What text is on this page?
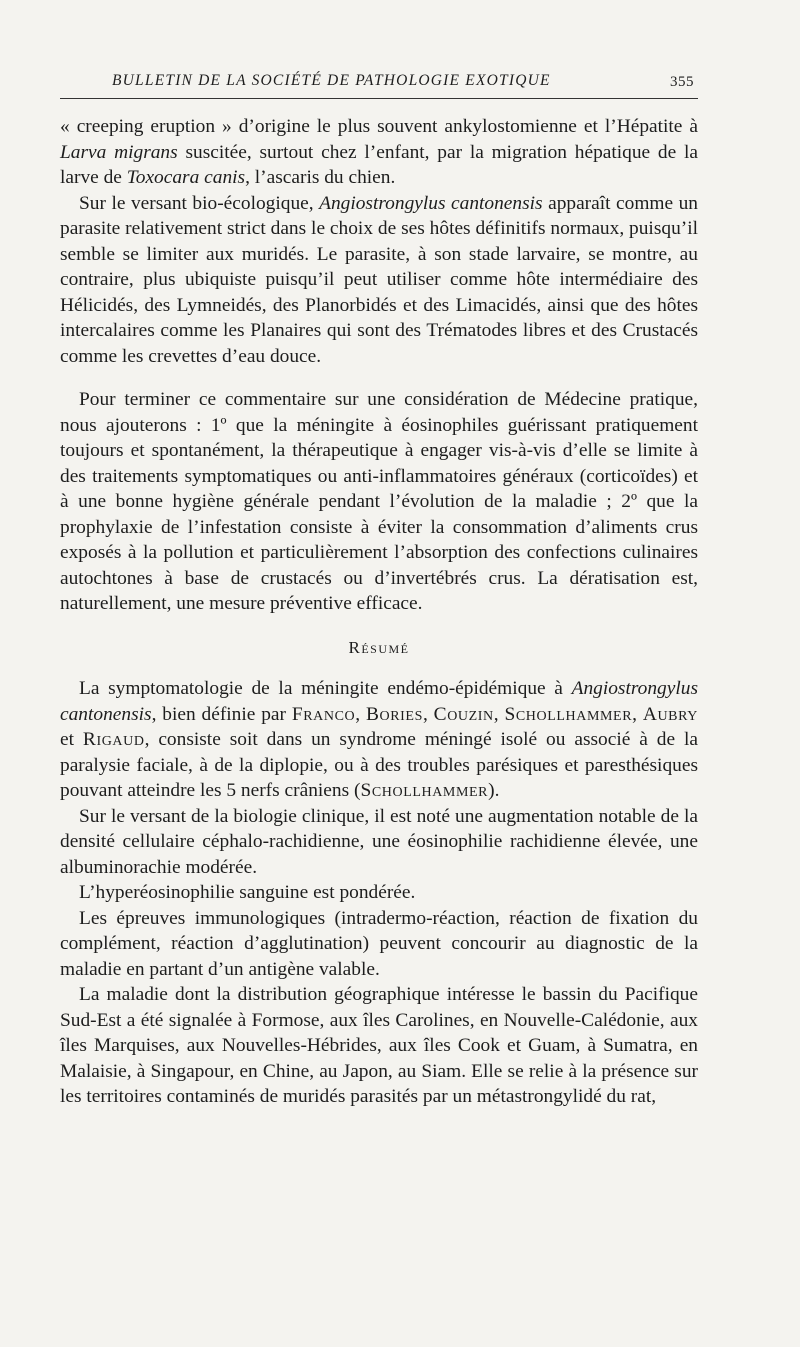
BULLETIN DE LA SOCIÉTÉ DE PATHOLOGIE EXOTIQUE	355

« creeping eruption » d’origine le plus souvent ankylostomienne et l’Hépatite à Larva migrans suscitée, surtout chez l’enfant, par la migration hépatique de la larve de Toxocara canis, l’ascaris du chien.

Sur le versant bio-écologique, Angiostrongylus cantonensis apparaît comme un parasite relativement strict dans le choix de ses hôtes définitifs normaux, puisqu’il semble se limiter aux muridés. Le parasite, à son stade larvaire, se montre, au contraire, plus ubiquiste puisqu’il peut utiliser comme hôte intermédiaire des Hélicidés, des Lymneidés, des Planorbidés et des Limacidés, ainsi que des hôtes intercalaires comme les Planaires qui sont des Trématodes libres et des Crustacés comme les crevettes d’eau douce.

Pour terminer ce commentaire sur une considération de Médecine pratique, nous ajouterons : 1º que la méningite à éosinophiles guérissant pratiquement toujours et spontanément, la thérapeutique à engager vis-à-vis d’elle se limite à des traitements symptomatiques ou anti-inflammatoires généraux (corticoïdes) et à une bonne hygiène générale pendant l’évolution de la maladie ; 2º que la prophylaxie de l’infestation consiste à éviter la consommation d’aliments crus exposés à la pollution et particulièrement l’absorption des confections culinaires autochtones à base de crustacés ou d’invertébrés crus. La dératisation est, naturellement, une mesure préventive efficace.

Résumé

La symptomatologie de la méningite endémo-épidémique à Angiostrongylus cantonensis, bien définie par Franco, Bories, Couzin, Schollhammer, Aubry et Rigaud, consiste soit dans un syndrome méningé isolé ou associé à de la paralysie faciale, à de la diplopie, ou à des troubles parésiques et paresthésiques pouvant atteindre les 5 nerfs crâniens (Schollhammer).

Sur le versant de la biologie clinique, il est noté une augmentation notable de la densité cellulaire céphalo-rachidienne, une éosinophilie rachidienne élevée, une albuminorachie modérée.

L’hyperéosinophilie sanguine est pondérée.

Les épreuves immunologiques (intradermo-réaction, réaction de fixation du complément, réaction d’agglutination) peuvent concourir au diagnostic de la maladie en partant d’un antigène valable.

La maladie dont la distribution géographique intéresse le bassin du Pacifique Sud-Est a été signalée à Formose, aux îles Carolines, en Nouvelle-Calédonie, aux îles Marquises, aux Nouvelles-Hébrides, aux îles Cook et Guam, à Sumatra, en Malaisie, à Singapour, en Chine, au Japon, au Siam. Elle se relie à la présence sur les territoires contaminés de muridés parasités par un métastrongylidé du rat,
